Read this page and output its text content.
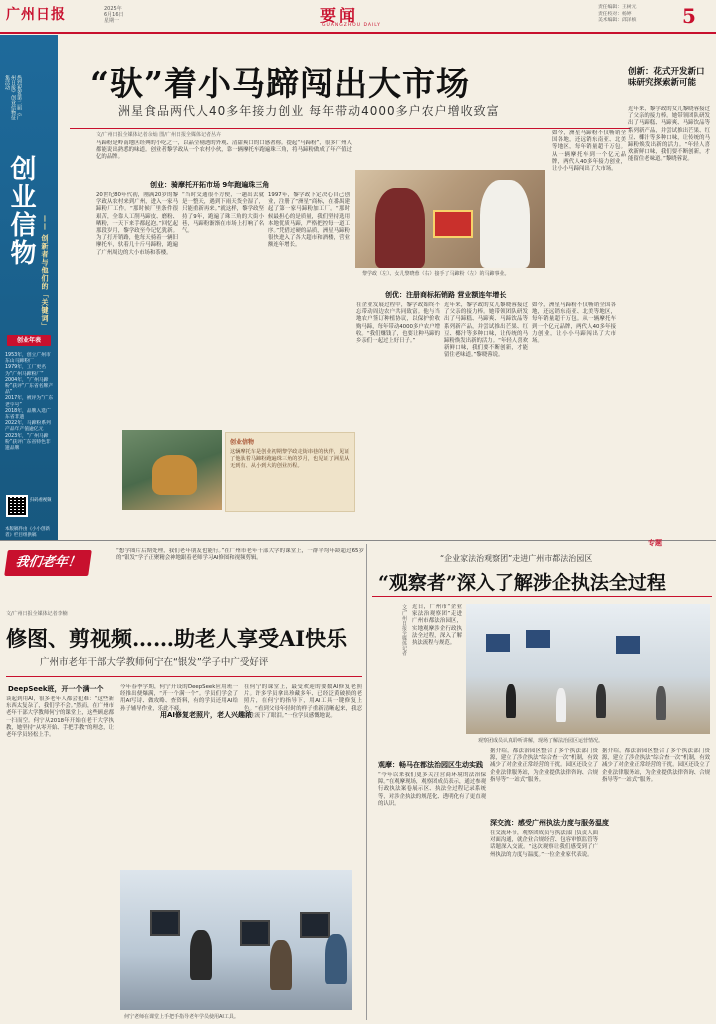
广州日报	2025年
6月16日
星期一	要闻
GUANGZHOU DAILY
责任编辑：王树元
责任校对：杨婷
美术编辑：邱泽槟	5
热烈祝贺第二届《广州日报》创业信物征集活动
创业信物
—— 创新者与他们的「关键词」
创业年表
1953年，创立广州市东山马蹄粉厂
1979年，工厂更名为“广州马蹄粉厂”
2004年，“广州马蹄粉”获评“广东省名牌产品”
2017年，被评为“广东老字号”
2018年，品牌入选广东省非遗
2022年，马蹄粉系列产品年产值逾亿元
2023年，“广州马蹄粉”获评广东省特色非遗品牌
扫码看视频
本版稿件由《小小创新者》栏目组供稿
“驮”着小马蹄闯出大市场
洲星食品两代人40多年接力创业 每年带动4000多户农户增收致富
创新：花式开发新口味研究探索新可能
文/广州日报全媒体记者余灿 图/广州日报全媒体记者丛卉
马蹄粉是岭南地区经典的小吃之一，以晶莹剔透的外观、清甜爽口的口感著称。提起“马蹄粉”，很多广州人都能说出熟悉的味道。创业者黎学政从一个农村小伙，靠一辆摩托车跑遍珠三角，将马蹄粉做成了年产值过亿的品牌。
创业：骑摩托开拓市场 9年跑遍珠三角
20世纪80年代初，刚满20岁的黎学政从农村来到广州，进入一家马蹄粉厂工作。“那时候厂里条件很艰苦，全靠人工削马蹄皮、磨粉、晒粉，一天下来手都起泡。”回忆起那段岁月，黎学政至今记忆犹新。为了打开销路，他每天骑着一辆旧摩托车，驮着几十斤马蹄粉，跑遍了广州周边的大小市场和茶楼。
“当时交通很不方便，一趟出去就是一整天，遇到下雨天货全湿了，只能重新再来。”就这样，黎学政坚持了9年，跑遍了珠三角的大街小巷，马蹄粉渐渐在市场上打响了名气。
1997年，黎学政下定决心自己创业，注册了“洲星”商标，在番禺建起了第一家马蹄粉加工厂。“那时候最担心的是质量，我们坚持选用本地优质马蹄，严格把控每一道工序。”凭借过硬的品质，洲星马蹄粉很快进入了各大超市和酒楼，营业额连年增长。
黎学政（左）、女儿黎晓蓉（右）接手了马蹄粉（左）的马蹄事业。
创优：注册商标拓销路 营业额连年增长
在企业发展过程中，黎学政始终不忘带动周边农户共同致富。他与当地农户签订种植协议，以保护价收购马蹄，每年带动4000多户农户增收。“我们赚钱了，也要让种马蹄的乡亲们一起过上好日子。”
近年来，黎学政的女儿黎晓蓉接过了父亲的接力棒。她带领团队研发出了马蹄糕、马蹄爽、马蹄饮品等系列新产品，并尝试推出芒果、红豆、椰汁等多种口味，让传统的马蹄粉焕发出新的活力。“年轻人喜欢新鲜口味，我们要不断创新，才能留住老味道。”黎晓蓉说。
如今，洲星马蹄粉不仅畅销全国各地，还远销东南亚、北美等地区，每年销量超千万包。从一辆摩托车到一个亿元品牌，两代人40多年接力创业，让小小马蹄闯出了大市场。
如今，洲星马蹄粉不仅畅销全国各地，还远销东南亚、北美等地区，每年销量超千万包。从一辆摩托车到一个亿元品牌，两代人40多年接力创业，让小小马蹄闯出了大市场。
近年来，黎学政的女儿黎晓蓉接过了父亲的接力棒。她带领团队研发出了马蹄糕、马蹄爽、马蹄饮品等系列新产品，并尝试推出芒果、红豆、椰汁等多种口味，让传统的马蹄粉焕发出新的活力。“年轻人喜欢新鲜口味，我们要不断创新，才能留住老味道。”黎晓蓉说。
创业信物
这辆摩托车是创业初期黎学政走街串巷的伙伴，见证了他驮着马蹄粉跑遍珠三角的岁月，也见证了洲星从无到有、从小到大的创业历程。
我们老年！
“想学图片后期处理，我们老年朋友也能行。”在广州市老年干部大学的课堂上，一群平均年龄超过65岁的“银发”学子正聚精会神地跟着老师学习AI修图和视频剪辑。
文/广州日报全媒体记者李楠
修图、剪视频……助老人享受AI快乐
广州市老年干部大学教师何宁在“银发”学子中广受好评
DeepSeek班，开一个满一个
谈起到用AI，很多老年人都会犯难：“这些新东西太复杂了，我们学不会。”然而，在广州市老年干部大学教师何宁的课堂上，这些顾虑都一扫而空。何宁从2018年开始在老干大学执教，她坚持“从零开始、手把手教”的理念，让老年学员轻松上手。
今年春季学期，何宁开设的DeepSeek应用班一经推出便爆满，“开一个满一个”。学员们学会了用AI写诗、做攻略、查资料，有的学员还用AI给孙子辅导作业，乐此不疲。
用AI修复老照片，老人兴趣浓
在何宁的课堂上，最受欢迎的要数AI修复老照片。许多学员拿出珍藏多年、已经泛黄破损的老照片，在何宁的指导下，用AI工具一键修复上色。“看到父母年轻时的样子重新清晰起来，我忍不住流下了眼泪。”一位学员感慨地说。
何宁老师在课堂上手把手指导老年学员使用AI工具。
专题
“企业家法治观察团”走进广州市都法治园区
“观察者”深入了解涉企执法全过程
文/广州日报全媒体记者 近日，广州市“企业家法治观察团”走进广州市都法治园区，实地观摩涉企行政执法全过程，深入了解执法流程与规范。
观察团成员认真聆听讲解，现场了解法治园区运营情况。
观摩：畅马在都法治园区生动实践
“今年以来我们更多关注营商环境的法治保障。”在观摩现场，观察团成员表示，通过参观行政执法案卷展示区、执法全过程记录系统等，对涉企执法的规范化、透明化有了更直观的认识。
深交流：感受广州执法力度与服务温度
据介绍，都法治园区整合了多个执法部门资源，建立了涉企执法“综合查一次”机制，有效减少了对企业正常经营的干扰。园区还设立了企业法律服务站，为企业提供法律咨询、合规指导等“一站式”服务。
在交流环节，观察团成员与执法部门负责人面对面沟通，就企业合规经营、包容审慎监管等话题深入交流。“这次观察让我们感受到了广州执法的力度与温度。”一位企业家代表说。
据介绍，都法治园区整合了多个执法部门资源，建立了涉企执法“综合查一次”机制，有效减少了对企业正常经营的干扰。园区还设立了企业法律服务站，为企业提供法律咨询、合规指导等“一站式”服务。
